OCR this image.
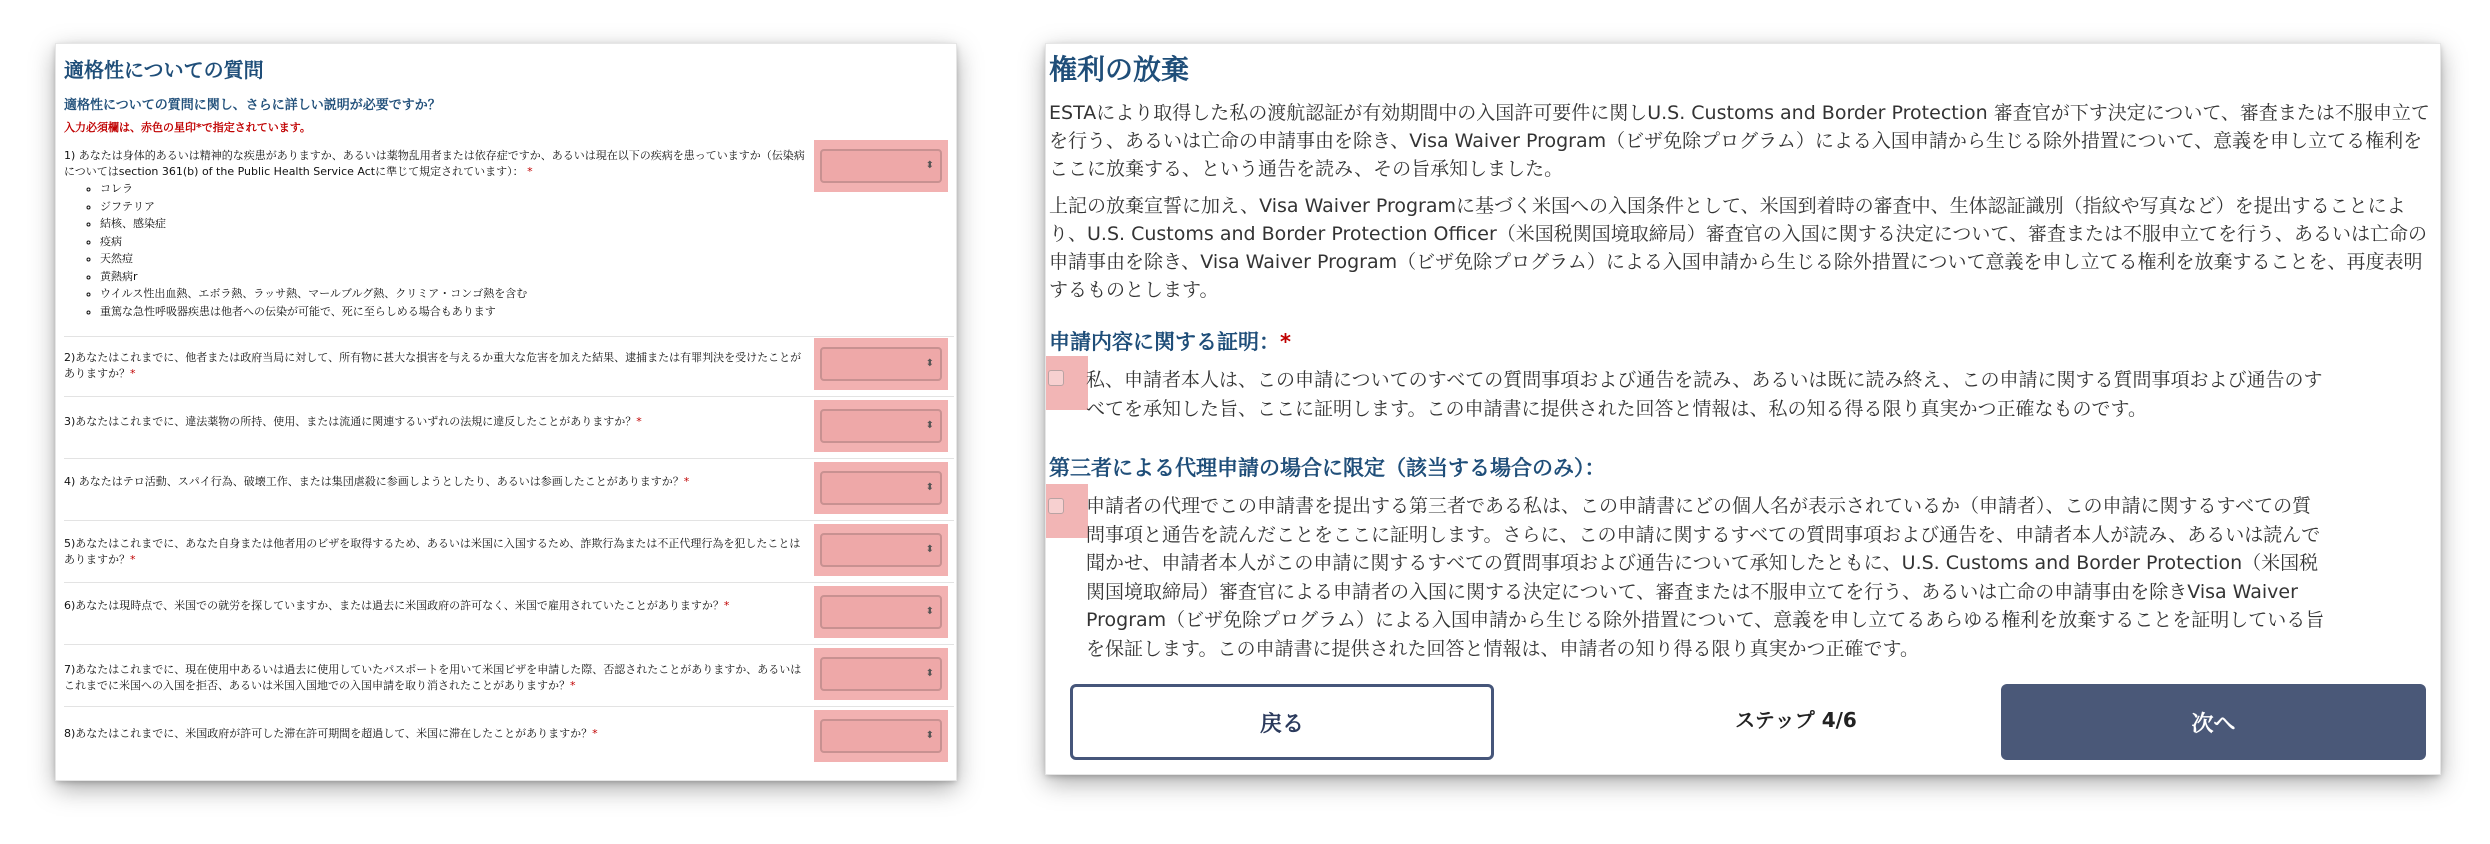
適格性についての質問

適格性についての質問に関し、さらに詳しい説明が必要ですか？

入力必須欄は、赤色の星印*で指定されています。

1) あなたは身体的あるいは精神的な疾患がありますか、あるいは薬物乱用者または依存症ですか、あるいは現在以下の疾病を患っていますか（伝染病についてはsection 361(b) of the Public Health Service Actに準じて規定されています）： *
◦ コレラ
◦ ジフテリア
◦ 結核、感染症
◦ 疫病
◦ 天然痘
◦ 黄熱病r
◦ ウイルス性出血熱、エボラ熱、ラッサ熱、マールブルグ熱、クリミア・コンゴ熱を含む
◦ 重篤な急性呼吸器疾患は他者への伝染が可能で、死に至らしめる場合もあります
⬍
2)あなたはこれまでに、他者または政府当局に対して、所有物に甚大な損害を与えるか重大な危害を加えた結果、逮捕または有罪判決を受けたことがありますか？*
⬍
3)あなたはこれまでに、違法薬物の所持、使用、または流通に関連するいずれの法規に違反したことがありますか？*	⬍
4) あなたはテロ活動、スパイ行為、破壊工作、または集団虐殺に参画しようとしたり、あるいは参画したことがありますか？*	⬍
5)あなたはこれまでに、あなた自身または他者用のビザを取得するため、あるいは米国に入国するため、詐欺行為または不正代理行為を犯したことはありますか？*
⬍
6)あなたは現時点で、米国での就労を探していますか、または過去に米国政府の許可なく、米国で雇用されていたことがありますか？*	⬍
7)あなたはこれまでに、現在使用中あるいは過去に使用していたパスポートを用いて米国ビザを申請した際、否認されたことがありますか、あるいはこれまでに米国への入国を拒否、あるいは米国入国地での入国申請を取り消されたことがありますか？*
⬍
8)あなたはこれまでに、米国政府が許可した滞在許可期間を超過して、米国に滞在したことがありますか？*	⬍
権利の放棄

ESTAにより取得した私の渡航認証が有効期間中の入国許可要件に関しU.S. Customs and Border Protection 審査官が下す決定について、審査または不服申立てを行う、あるいは亡命の申請事由を除き、Visa Waiver Program（ビザ免除プログラム）による入国申請から生じる除外措置について、意義を申し立てる権利をここに放棄する、という通告を読み、その旨承知しました。

上記の放棄宣誓に加え、Visa Waiver Programに基づく米国への入国条件として、米国到着時の審査中、生体認証識別（指紋や写真など）を提出することにより、U.S. Customs and Border Protection Officer（米国税関国境取締局）審査官の入国に関する決定について、審査または不服申立てを行う、あるいは亡命の申請事由を除き、Visa Waiver Program（ビザ免除プログラム）による入国申請から生じる除外措置について意義を申し立てる権利を放棄することを、再度表明するものとします。

申請内容に関する証明：*

私、申請者本人は、この申請についてのすべての質問事項および通告を読み、あるいは既に読み終え、この申請に関する質問事項および通告のすべてを承知した旨、ここに証明します。この申請書に提供された回答と情報は、私の知る得る限り真実かつ正確なものです。

第三者による代理申請の場合に限定（該当する場合のみ）：

申請者の代理でこの申請書を提出する第三者である私は、この申請書にどの個人名が表示されているか（申請者）、この申請に関するすべての質問事項と通告を読んだことをここに証明します。さらに、この申請に関するすべての質問事項および通告を、申請者本人が読み、あるいは読んで聞かせ、申請者本人がこの申請に関するすべての質問事項および通告について承知したともに、U.S. Customs and Border Protection（米国税関国境取締局）審査官による申請者の入国に関する決定について、審査または不服申立てを行う、あるいは亡命の申請事由を除きVisa Waiver Program（ビザ免除プログラム）による入国申請から生じる除外措置について、意義を申し立てるあらゆる権利を放棄することを証明している旨を保証します。この申請書に提供された回答と情報は、申請者の知り得る限り真実かつ正確です。

戻る	ステップ 4/6	次へ
